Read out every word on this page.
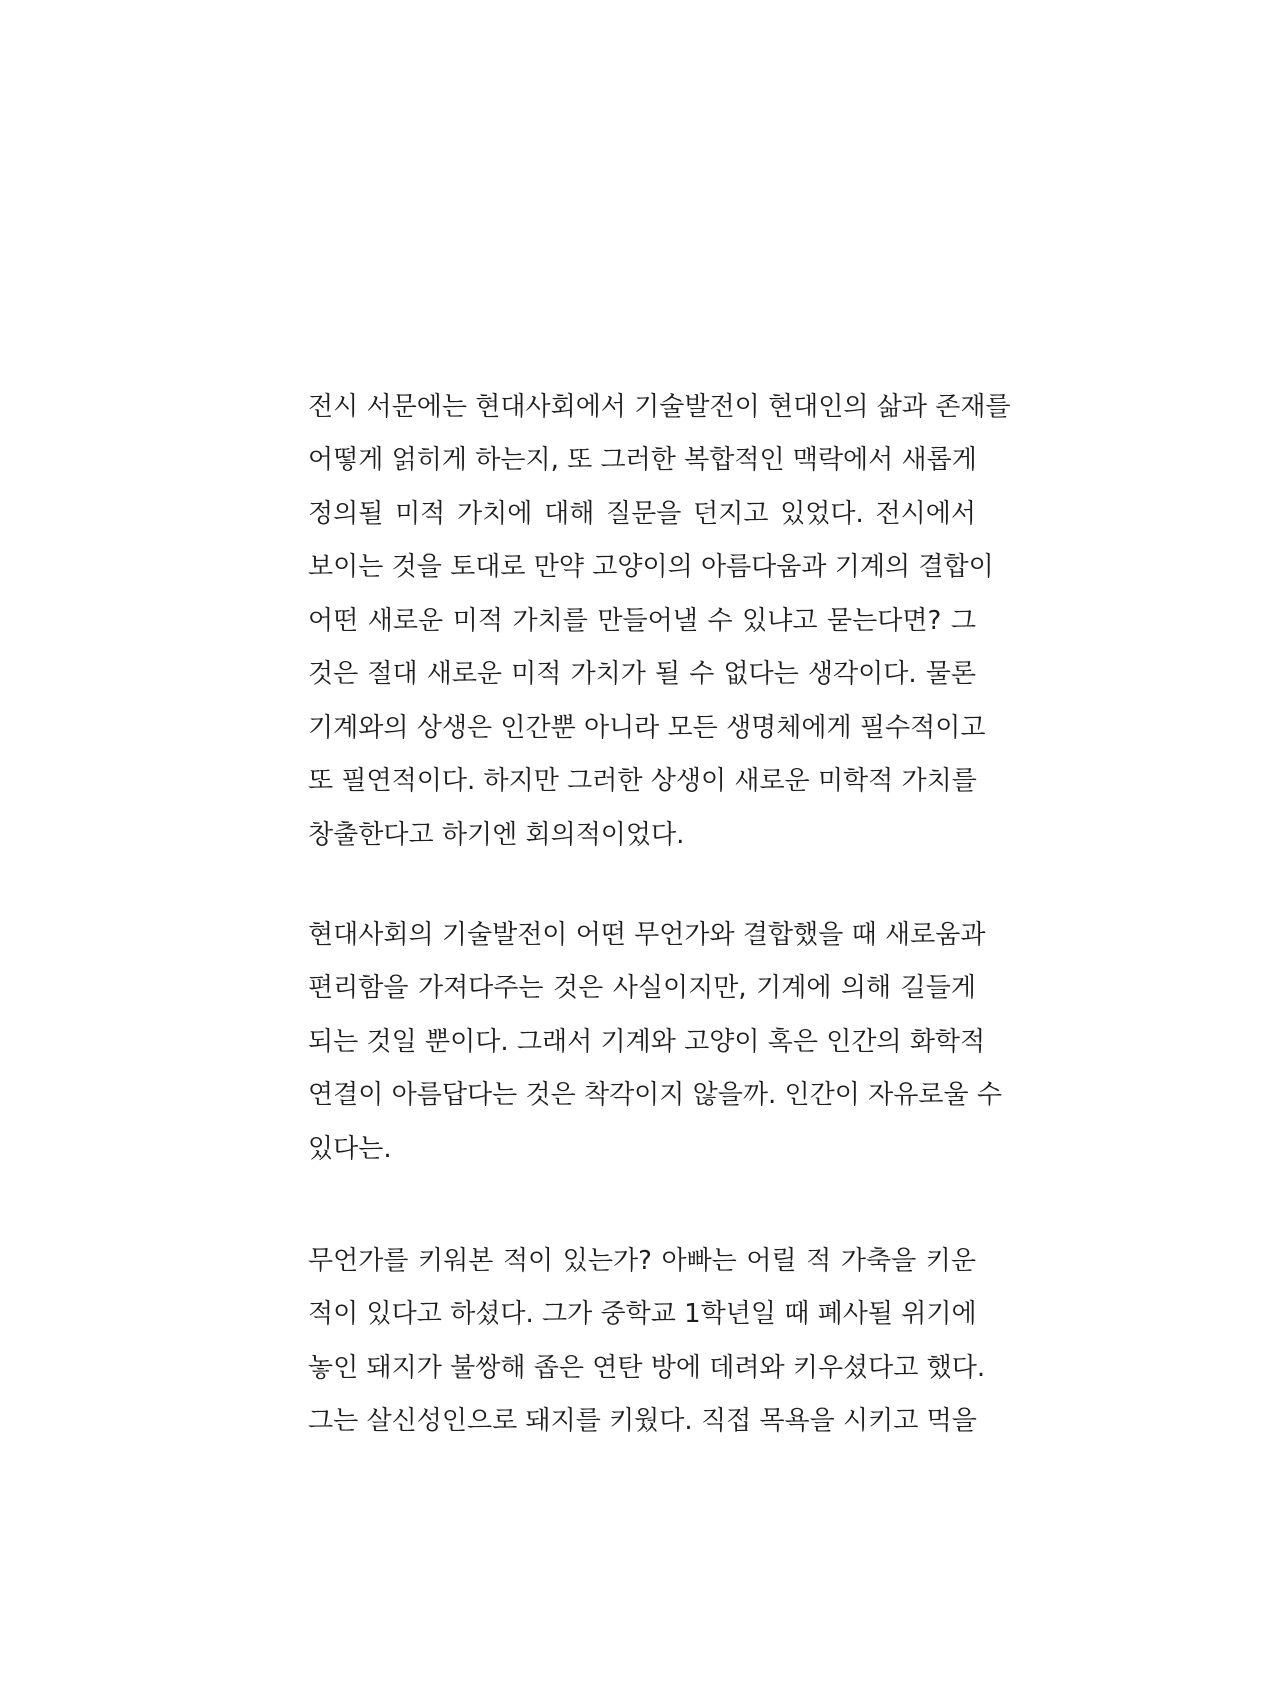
전시 서문에는 현대사회에서 기술발전이 현대인의 삶과 존재를
어떻게 얽히게 하는지, 또 그러한 복합적인 맥락에서 새롭게
정의될 미적 가치에 대해 질문을 던지고 있었다. 전시에서
보이는 것을 토대로 만약 고양이의 아름다움과 기계의 결합이
어떤 새로운 미적 가치를 만들어낼 수 있냐고 묻는다면? 그
것은 절대 새로운 미적 가치가 될 수 없다는 생각이다. 물론
기계와의 상생은 인간뿐 아니라 모든 생명체에게 필수적이고
또 필연적이다. 하지만 그러한 상생이 새로운 미학적 가치를
창출한다고 하기엔 회의적이었다.
현대사회의 기술발전이 어떤 무언가와 결합했을 때 새로움과
편리함을 가져다주는 것은 사실이지만, 기계에 의해 길들게
되는 것일 뿐이다. 그래서 기계와 고양이 혹은 인간의 화학적
연결이 아름답다는 것은 착각이지 않을까. 인간이 자유로울 수
있다는.
무언가를 키워본 적이 있는가? 아빠는 어릴 적 가축을 키운
적이 있다고 하셨다. 그가 중학교 1학년일 때 폐사될 위기에
놓인 돼지가 불쌍해 좁은 연탄 방에 데려와 키우셨다고 했다.
그는 살신성인으로 돼지를 키웠다. 직접 목욕을 시키고 먹을
